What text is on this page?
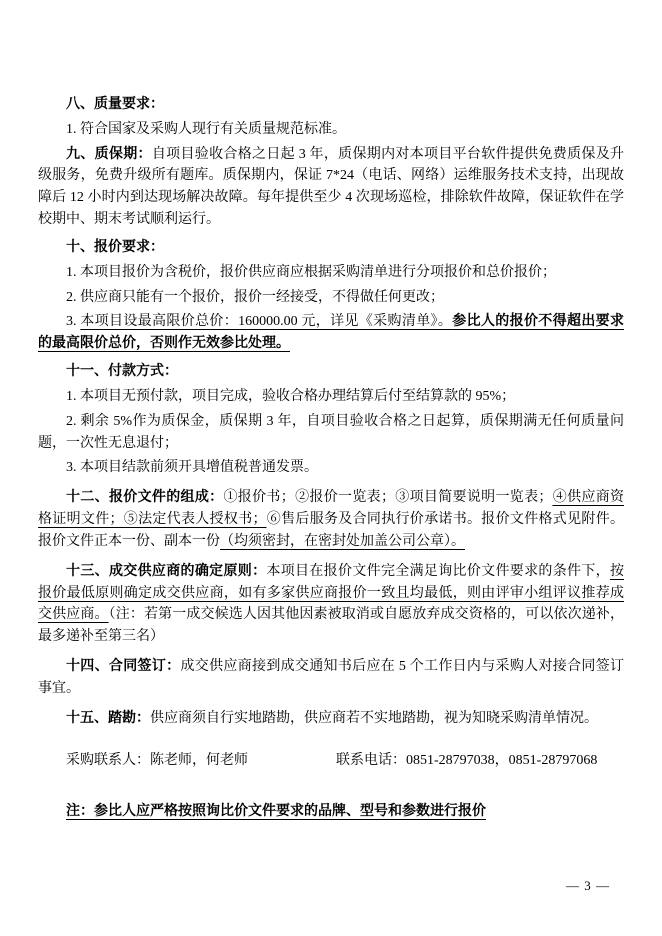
八、质量要求：

1. 符合国家及采购人现行有关质量规范标准。

九、质保期：自项目验收合格之日起 3 年，质保期内对本项目平台软件提供免费质保及升级服务，免费升级所有题库。质保期内，保证 7*24（电话、网络）运维服务技术支持，出现故障后 12 小时内到达现场解决故障。每年提供至少 4 次现场巡检，排除软件故障，保证软件在学校期中、期末考试顺利运行。

十、报价要求：

1. 本项目报价为含税价，报价供应商应根据采购清单进行分项报价和总价报价；

2. 供应商只能有一个报价，报价一经接受，不得做任何更改；

3. 本项目设最高限价总价：160000.00 元，详见《采购清单》。参比人的报价不得超出要求的最高限价总价，否则作无效参比处理。

十一、付款方式：

1. 本项目无预付款，项目完成，验收合格办理结算后付至结算款的 95%；

2. 剩余 5%作为质保金，质保期 3 年，自项目验收合格之日起算，质保期满无任何质量问题，一次性无息退付；

3. 本项目结款前须开具增值税普通发票。

十二、报价文件的组成：①报价书；②报价一览表；③项目简要说明一览表；④供应商资格证明文件；⑤法定代表人授权书；⑥售后服务及合同执行价承诺书。报价文件格式见附件。报价文件正本一份、副本一份（均须密封，在密封处加盖公司公章）。

十三、成交供应商的确定原则：本项目在报价文件完全满足询比价文件要求的条件下，按报价最低原则确定成交供应商，如有多家供应商报价一致且均最低，则由评审小组评议推荐成交供应商。（注：若第一成交候选人因其他因素被取消或自愿放弃成交资格的，可以依次递补，最多递补至第三名）

十四、合同签订：成交供应商接到成交通知书后应在 5 个工作日内与采购人对接合同签订事宜。

十五、踏勘：供应商须自行实地踏勘，供应商若不实地踏勘，视为知晓采购清单情况。

采购联系人：陈老师，何老师	联系电话：0851-28797038，0851-28797068

注：参比人应严格按照询比价文件要求的品牌、型号和参数进行报价

— 3 —
